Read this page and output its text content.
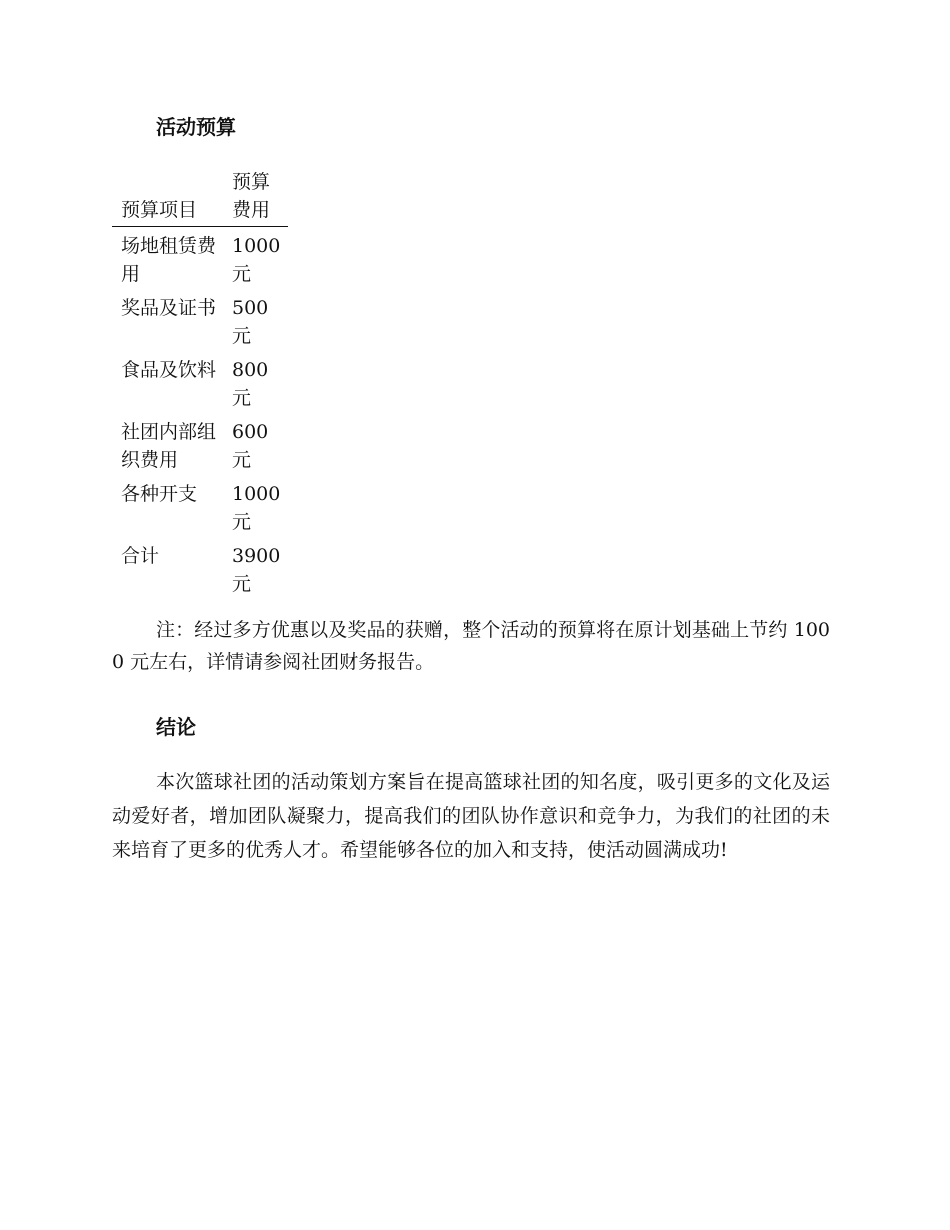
活动预算
预算项目	预算费用

场地租赁费用	1000元

奖品及证书	500元

食品及饮料	800元

社团内部组织费用	600元

各种开支	1000元

合计	3900元

注：经过多方优惠以及奖品的获赠，整个活动的预算将在原计划基础上节约 1000 元左右，详情请参阅社团财务报告。

结论

本次篮球社团的活动策划方案旨在提高篮球社团的知名度，吸引更多的文化及运动爱好者，增加团队凝聚力，提高我们的团队协作意识和竞争力，为我们的社团的未来培育了更多的优秀人才。希望能够各位的加入和支持，使活动圆满成功!
